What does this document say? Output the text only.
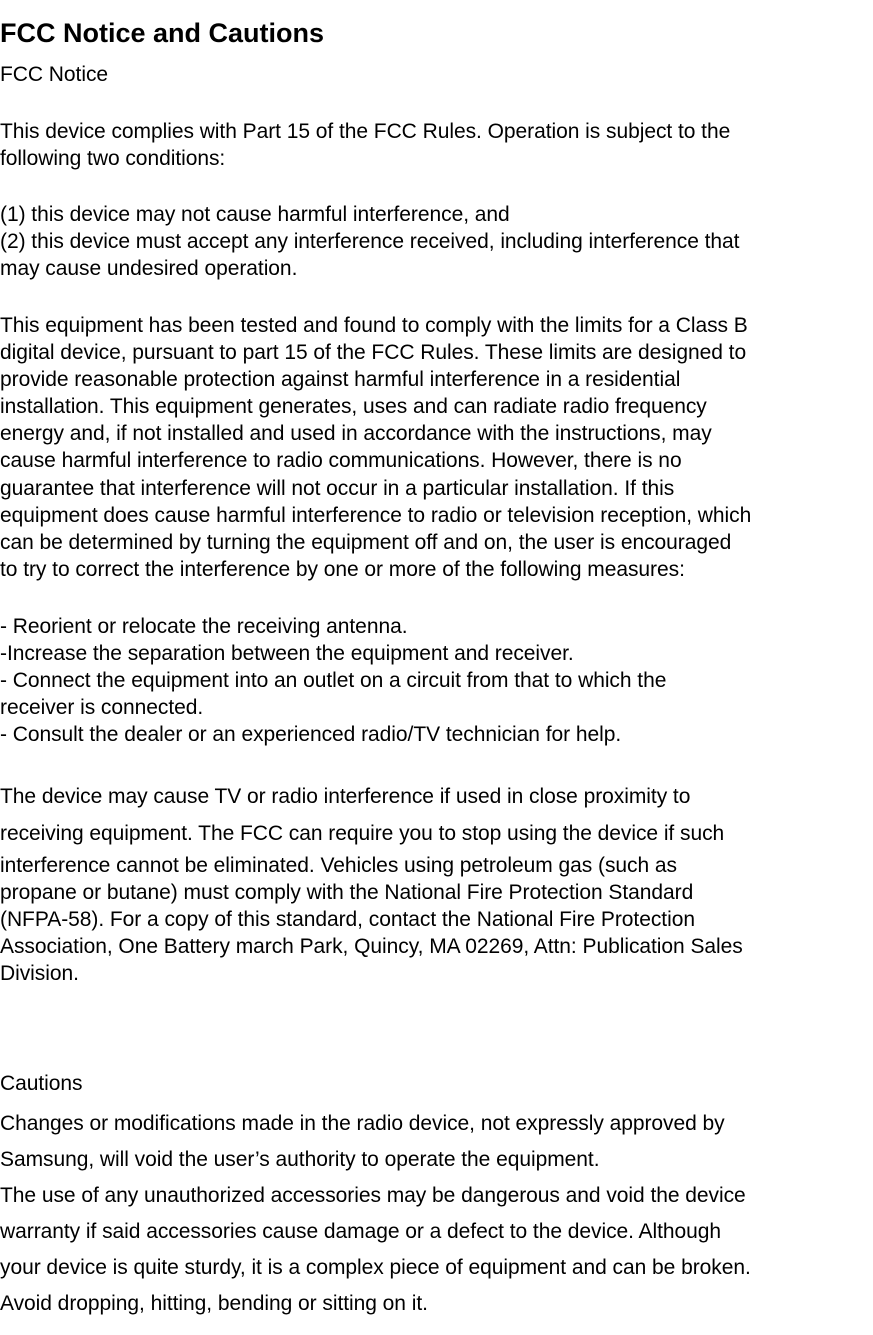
FCC Notice and Cautions
FCC Notice
This device complies with Part 15 of the FCC Rules. Operation is subject to the
following two conditions:
(1) this device may not cause harmful interference, and
(2) this device must accept any interference received, including interference that
may cause undesired operation.
This equipment has been tested and found to comply with the limits for a Class B
digital device, pursuant to part 15 of the FCC Rules. These limits are designed to
provide reasonable protection against harmful interference in a residential
installation. This equipment generates, uses and can radiate radio frequency
energy and, if not installed and used in accordance with the instructions, may
cause harmful interference to radio communications. However, there is no
guarantee that interference will not occur in a particular installation. If this
equipment does cause harmful interference to radio or television reception, which
can be determined by turning the equipment off and on, the user is encouraged
to try to correct the interference by one or more of the following measures:
- Reorient or relocate the receiving antenna.
-Increase the separation between the equipment and receiver.
- Connect the equipment into an outlet on a circuit from that to which the
receiver is connected.
- Consult the dealer or an experienced radio/TV technician for help.
The device may cause TV or radio interference if used in close proximity to
receiving equipment. The FCC can require you to stop using the device if such
interference cannot be eliminated. Vehicles using petroleum gas (such as
propane or butane) must comply with the National Fire Protection Standard
(NFPA-58). For a copy of this standard, contact the National Fire Protection
Association, One Battery march Park, Quincy, MA 02269, Attn: Publication Sales
Division.
Cautions
Changes or modifications made in the radio device, not expressly approved by
Samsung, will void the user’s authority to operate the equipment.
The use of any unauthorized accessories may be dangerous and void the device
warranty if said accessories cause damage or a defect to the device. Although
your device is quite sturdy, it is a complex piece of equipment and can be broken.
Avoid dropping, hitting, bending or sitting on it.
